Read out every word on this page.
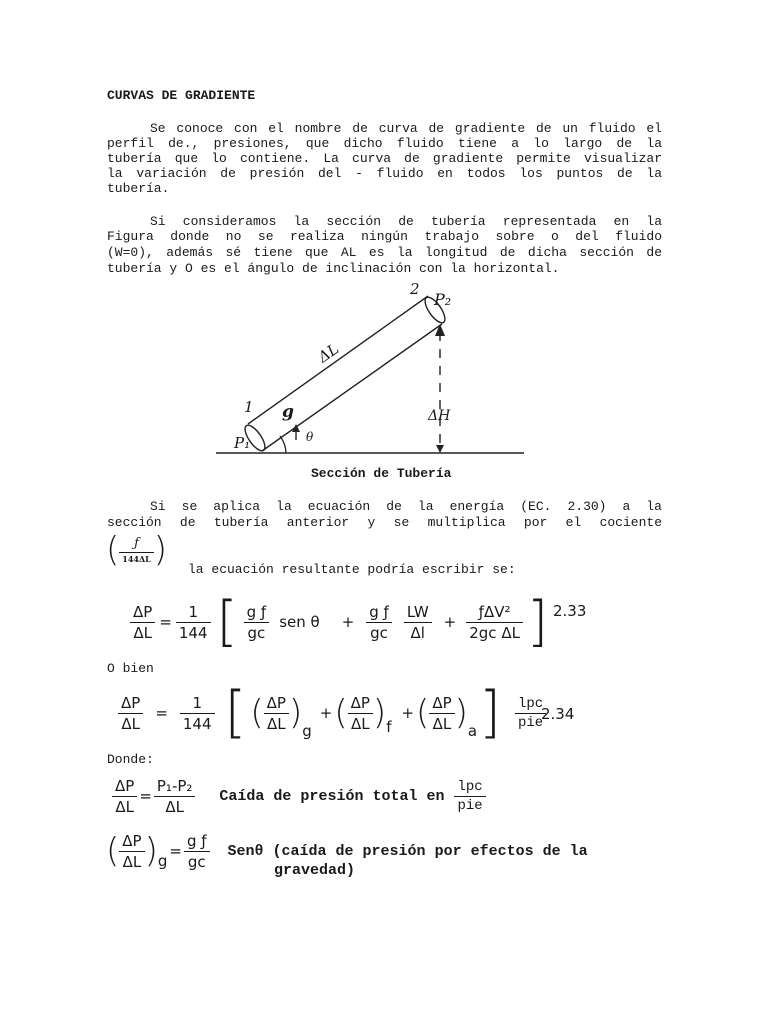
CURVAS DE GRADIENTE
Se conoce con el nombre de curva de gradiente de un fluido el
perfil de., presiones, que dicho fluido tiene a lo largo de la
tubería que lo contiene. La curva de gradiente permite visualizar
la variación de presión del - fluido en todos los puntos de la
tubería.
Si consideramos la sección de tubería representada en la
Figura donde no se realiza ningún trabajo sobre o del fluido
(W=0), además sé tiene que AL es la longitud de dicha sección de
tubería y O es el ángulo de inclinación con la horizontal.
2
P₂
ΔL
1 g
θ
P₁
ΔH
Sección de Tubería
Si se aplica la ecuación de la energía (EC. 2.30) a la
sección de tubería anterior y se multiplica por el cociente
( $\frac{ƒ}{144\Delta L}$ ) la ecuación resultante podría escribir se:
$\frac{\Delta P}{\Delta L} = \frac{1}{144}$ [ $\frac{\text{g ƒ}}{gc}$ sen $\theta + \frac{\text{g ƒ}}{gc} \frac{LW}{\Delta l} + \frac{\text{ƒΔV²}}{\text{2gc ΔL}}$ ] 2.33
O bien
$\frac{\Delta P}{\Delta L} = \frac{1}{144}$ [ ( $\frac{\Delta P}{\Delta L}$ ) g
+ ( $\frac{\Delta P}{\Delta L}$ ) f
+ ( $\frac{\Delta P}{\Delta L}$ ) a ] $\frac{\text{lpc}}{\text{pie}}$
2.34
Donde:
$\frac{\Delta P}{\Delta L} = \frac{\text{P₁-P₂}}{\Delta L}$ Caída de presión total en $\frac{\text{lpc}}{\text{pie}}$
( $\frac{\Delta P}{\Delta L}$ ) g
= $\frac{\text{g ƒ}}{gc}$ Senθ (caída de presión por efectos de la
gravedad)
